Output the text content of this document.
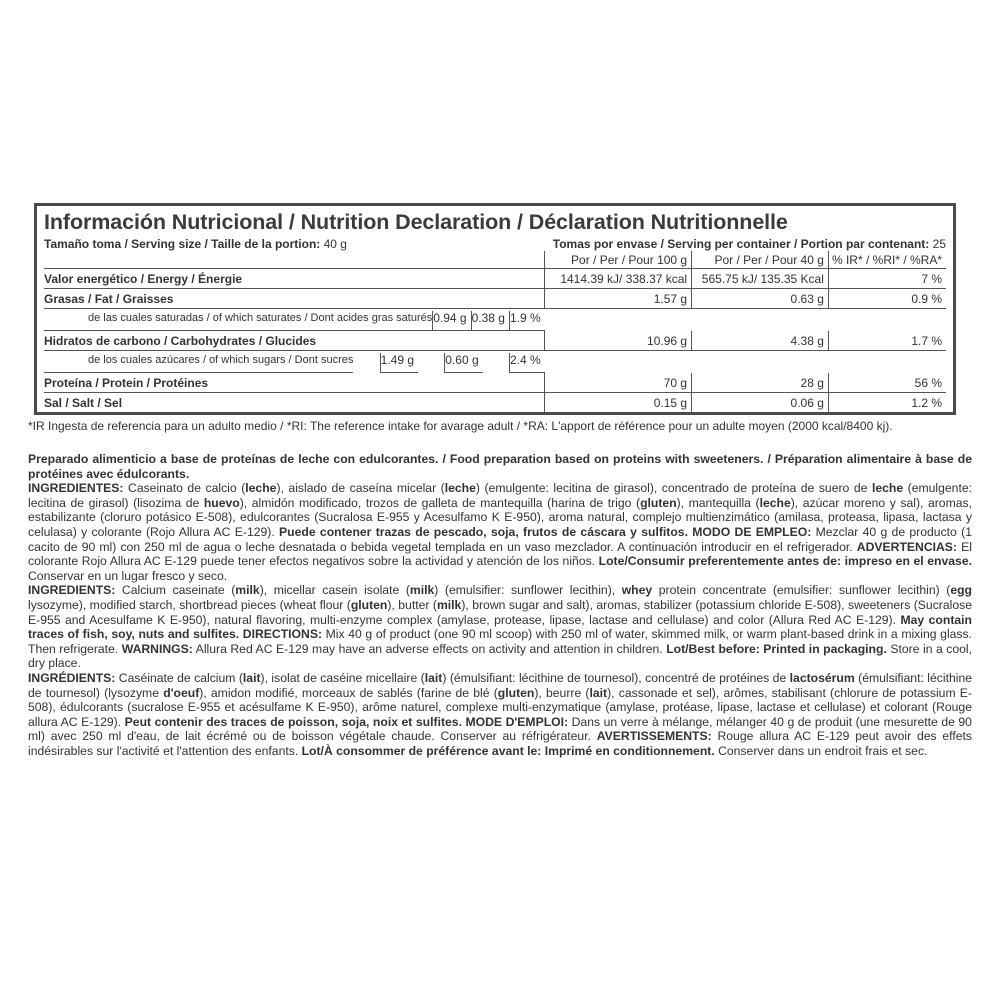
Información Nutricional / Nutrition Declaration / Déclaration Nutritionnelle
Tamaño toma / Serving size / Taille de la portion: 40 g	Tomas por envase / Serving per container / Portion par contenant: 25
	Por / Per / Pour 100 g	Por / Per / Pour 40 g	% IR* / %RI* / %RA*
Valor energético / Energy / Énergie	1414.39 kJ/ 338.37 kcal	565.75 kJ/ 135.35 Kcal	7 %
Grasas / Fat / Graisses	1.57 g	0.63 g	0.9 %

de las cuales saturadas / of which saturates / Dont acides gras saturés 0.94 g 0.38 g 1.9 %
Hidratos de carbono / Carbohydrates / Glucides	10.96 g	4.38 g	1.7 %

de los cuales azúcares / of which sugars / Dont sucres 1.49 g	0.60 g	2.4 %
Proteína / Protein / Protéines	70 g	28 g	56 %
Sal / Salt / Sel	0.15 g	0.06 g	1.2 %
*IR Ingesta de referencia para un adulto medio / *RI: The reference intake for avarage adult / *RA: L'apport de référence pour un adulte moyen (2000 kcal/8400 kj).

Preparado alimenticio a base de proteínas de leche con edulcorantes. / Food preparation based on proteins with sweeteners. / Préparation alimentaire à base de protéines avec édulcorants.

INGREDIENTES: Caseinato de calcio (leche), aislado de caseína micelar (leche) (emulgente: lecitina de girasol), concentrado de proteína de suero de leche (emulgente: lecitina de girasol) (lisozima de huevo), almidón modificado, trozos de galleta de mantequilla (harina de trigo (gluten), mantequilla (leche), azúcar moreno y sal), aromas, estabilizante (cloruro potásico E-508), edulcorantes (Sucralosa E-955 y Acesulfamo K E-950), aroma natural, complejo multienzimático (amilasa, proteasa, lipasa, lactasa y celulasa) y colorante (Rojo Allura AC E-129). Puede contener trazas de pescado, soja, frutos de cáscara y sulfitos. MODO DE EMPLEO: Mezclar 40 g de producto (1 cacito de 90 ml) con 250 ml de agua o leche desnatada o bebida vegetal templada en un vaso mezclador. A continuación introducir en el refrigerador. ADVERTENCIAS: El colorante Rojo Allura AC E-129 puede tener efectos negativos sobre la actividad y atención de los niños. Lote/Consumir preferentemente antes de: impreso en el envase. Conservar en un lugar fresco y seco.

INGREDIENTS: Calcium caseinate (milk), micellar casein isolate (milk) (emulsifier: sunflower lecithin), whey protein concentrate (emulsifier: sunflower lecithin) (egg lysozyme), modified starch, shortbread pieces (wheat flour (gluten), butter (milk), brown sugar and salt), aromas, stabilizer (potassium chloride E-508), sweeteners (Sucralose E-955 and Acesulfame K E-950), natural flavoring, multi-enzyme complex (amylase, protease, lipase, lactase and cellulase) and color (Allura Red AC E-129). May contain traces of fish, soy, nuts and sulfites. DIRECTIONS: Mix 40 g of product (one 90 ml scoop) with 250 ml of water, skimmed milk, or warm plant-based drink in a mixing glass. Then refrigerate. WARNINGS: Allura Red AC E-129 may have an adverse effects on activity and attention in children. Lot/Best before: Printed in packaging. Store in a cool, dry place.

INGRÉDIENTS: Caséinate de calcium (lait), isolat de caséine micellaire (lait) (émulsifiant: lécithine de tournesol), concentré de protéines de lactosérum (émulsifiant: lécithine de tournesol) (lysozyme d'oeuf), amidon modifié, morceaux de sablés (farine de blé (gluten), beurre (lait), cassonade et sel), arômes, stabilisant (chlorure de potassium E-508), édulcorants (sucralose E-955 et acésulfame K E-950), arôme naturel, complexe multi-enzymatique (amylase, protéase, lipase, lactase et cellulase) et colorant (Rouge allura AC E-129). Peut contenir des traces de poisson, soja, noix et sulfites. MODE D'EMPLOI: Dans un verre à mélange, mélanger 40 g de produit (une mesurette de 90 ml) avec 250 ml d'eau, de lait écrémé ou de boisson végétale chaude. Conserver au réfrigérateur. AVERTISSEMENTS: Rouge allura AC E-129 peut avoir des effets indésirables sur l'activité et l'attention des enfants. Lot/À consommer de préférence avant le: Imprimé en conditionnement. Conserver dans un endroit frais et sec.
